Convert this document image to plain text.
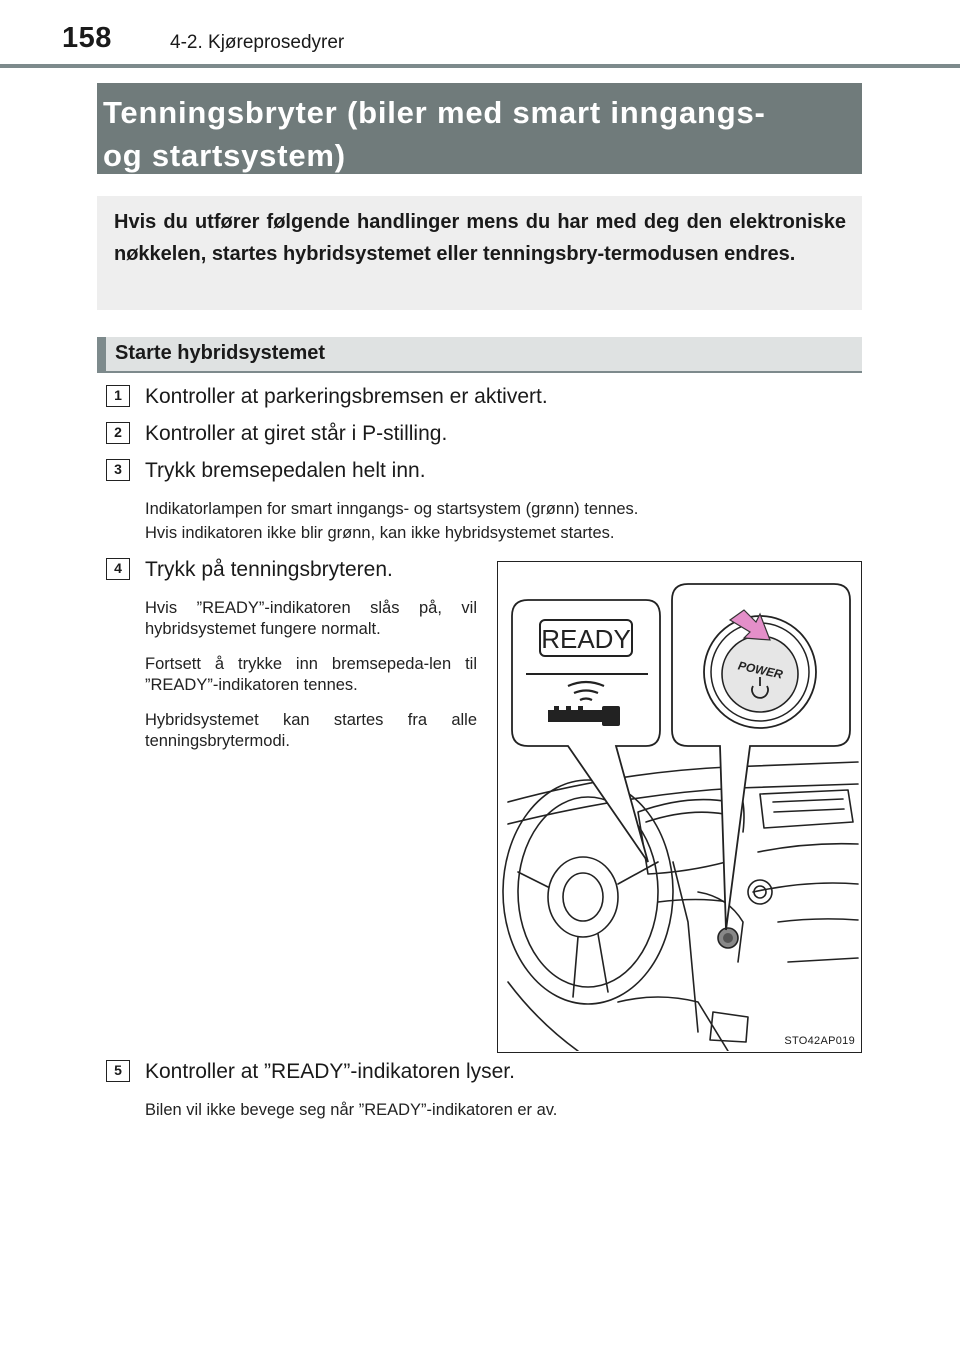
158	4-2. Kjøreprosedyrer
Tenningsbryter (biler med smart inngangs-
og startsystem)

Hvis du utfører følgende handlinger mens du har med deg den elektroniske nøkkelen, startes hybridsystemet eller tenningsbry-termodusen endres.

Starte hybridsystemet
1	Kontroller at parkeringsbremsen er aktivert.
2	Kontroller at giret står i P-stilling.
3	Trykk bremsepedalen helt inn.
Indikatorlampen for smart inngangs- og startsystem (grønn) tennes.
Hvis indikatoren ikke blir grønn, kan ikke hybridsystemet startes.
4	Trykk på tenningsbryteren.
Hvis ”READY”-indikatoren slås på, vil hybridsystemet fungere normalt.
Fortsett å trykke inn bremsepeda-len til ”READY”-indikatoren tennes.
Hybridsystemet kan startes fra alle tenningsbrytermodi.
READY
POWER
STO42AP019
5	Kontroller at ”READY”-indikatoren lyser.
Bilen vil ikke bevege seg når ”READY”-indikatoren er av.
